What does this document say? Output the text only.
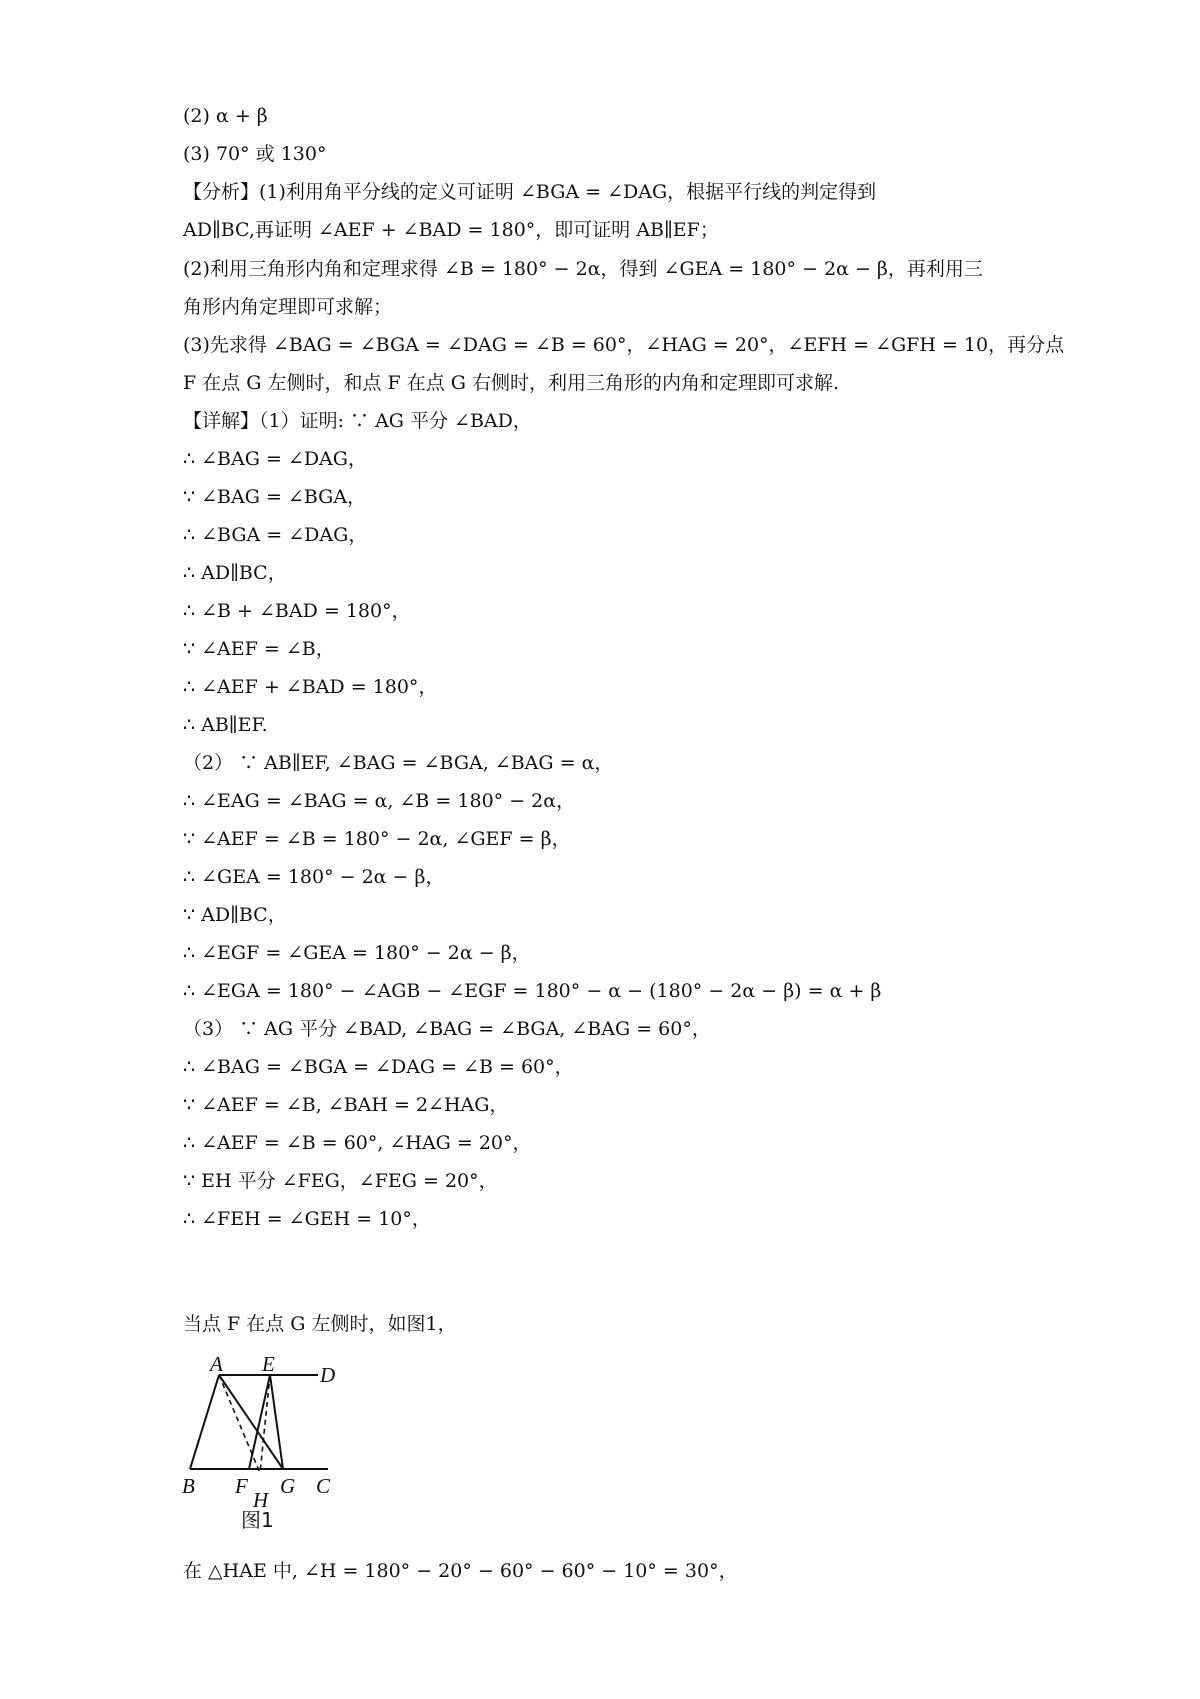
(2) α + β
(3) 70° 或 130°
【分析】(1)利用角平分线的定义可证明 ∠BGA = ∠DAG，根据平行线的判定得到
AD∥BC,再证明 ∠AEF + ∠BAD = 180°，即可证明 AB∥EF；
(2)利用三角形内角和定理求得 ∠B = 180° − 2α，得到 ∠GEA = 180° − 2α − β，再利用三
角形内角定理即可求解；
(3)先求得 ∠BAG = ∠BGA = ∠DAG = ∠B = 60°，∠HAG = 20°，∠EFH = ∠GFH = 10，再分点
F 在点 G 左侧时，和点 F 在点 G 右侧时，利用三角形的内角和定理即可求解.
【详解】（1）证明: ∵ AG 平分 ∠BAD，
∴ ∠BAG = ∠DAG，
∵ ∠BAG = ∠BGA，
∴ ∠BGA = ∠DAG，
∴ AD∥BC，
∴ ∠B + ∠BAD = 180°，
∵ ∠AEF = ∠B，
∴ ∠AEF + ∠BAD = 180°，
∴ AB∥EF.
（2） ∵ AB∥EF, ∠BAG = ∠BGA, ∠BAG = α，
∴ ∠EAG = ∠BAG = α, ∠B = 180° − 2α，
∵ ∠AEF = ∠B = 180° − 2α, ∠GEF = β，
∴ ∠GEA = 180° − 2α − β，
∵ AD∥BC，
∴ ∠EGF = ∠GEA = 180° − 2α − β，
∴ ∠EGA = 180° − ∠AGB − ∠EGF = 180° − α − (180° − 2α − β) = α + β
（3） ∵ AG 平分 ∠BAD, ∠BAG = ∠BGA, ∠BAG = 60°，
∴ ∠BAG = ∠BGA = ∠DAG = ∠B = 60°，
∵ ∠AEF = ∠B, ∠BAH = 2∠HAG，
∴ ∠AEF = ∠B = 60°, ∠HAG = 20°，
∵ EH 平分 ∠FEG，∠FEG = 20°，
∴ ∠FEH = ∠GEH = 10°，
当点 F 在点 G 左侧时，如图1，
在 △HAE 中, ∠H = 180° − 20° − 60° − 60° − 10° = 30°，
A E D
B F
H
G C
图1
